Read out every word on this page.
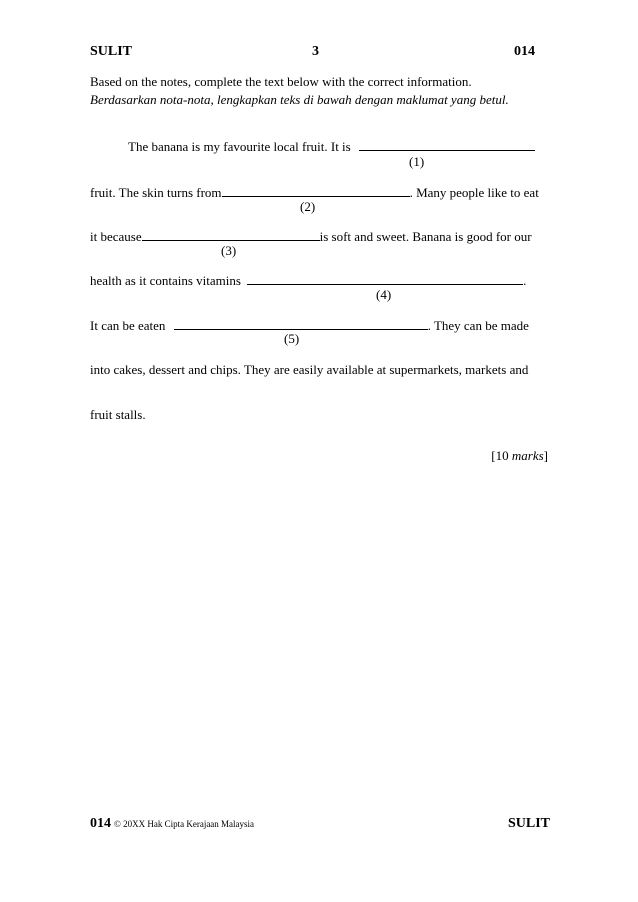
SULIT	3	014
Based on the notes, complete the text below with the correct information.
Berdasarkan nota-nota, lengkapkan teks di bawah dengan maklumat yang betul.
The banana is my favourite local fruit. It is
(1)
fruit. The skin turns from	. Many people like to eat
(2)
it because	is soft and sweet. Banana is good for our
(3)
health as it contains vitamins	.
(4)
It can be eaten	. They can be made
(5)
into cakes, dessert and chips. They are easily available at supermarkets, markets and
fruit stalls.
[10 marks]
014 © 20XX Hak Cipta Kerajaan Malaysia	SULIT
